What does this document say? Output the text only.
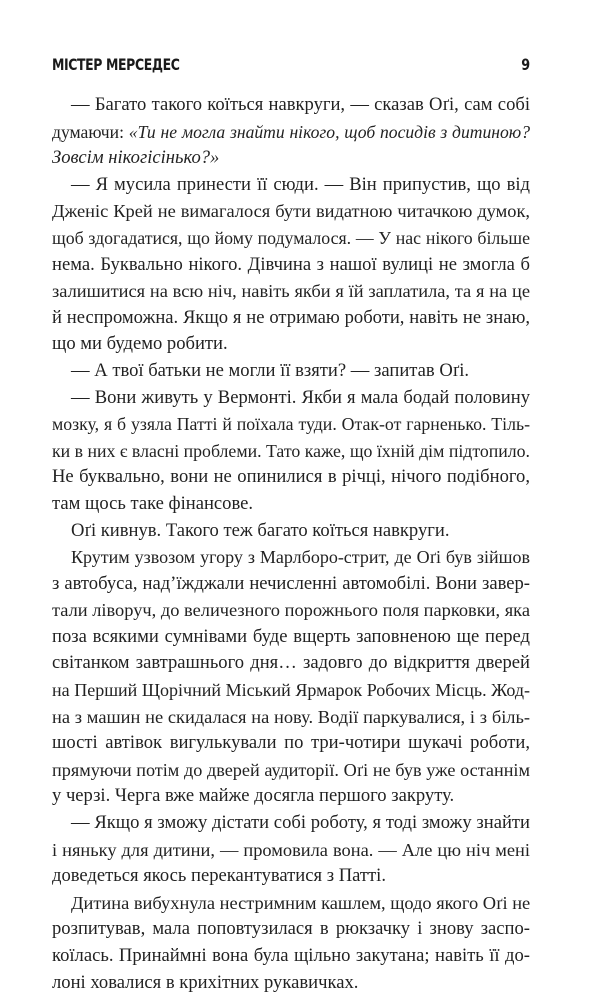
МІСТЕР МЕРСЕДЕС	9
— Багато такого коїться навкруги, — сказав Оґі, сам собі
думаючи: «Ти не могла знайти нікого, щоб посидів з дитиною?
Зовсім нікогісінько?»
— Я мусила принести її сюди. — Він припустив, що від
Дженіс Крей не вимагалося бути видатною читачкою думок,
щоб здогадатися, що йому подумалося. — У нас нікого більше
нема. Буквально нікого. Дівчина з нашої вулиці не змогла б
залишитися на всю ніч, навіть якби я їй заплатила, та я на це
й неспроможна. Якщо я не отримаю роботи, навіть не знаю,
що ми будемо робити.
— А твої батьки не могли її взяти? — запитав Оґі.
— Вони живуть у Вермонті. Якби я мала бодай половину
мозку, я б узяла Патті й поїхала туди. Отак-от гарненько. Тіль-
ки в них є власні проблеми. Тато каже, що їхній дім підтопило.
Не буквально, вони не опинилися в річці, нічого подібного,
там щось таке фінансове.
Оґі кивнув. Такого теж багато коїться навкруги.
Крутим узвозом угору з Марлборо-стрит, де Оґі був зійшов
з автобуса, над’їжджали нечисленні автомобілі. Вони завер-
тали ліворуч, до величезного порожнього поля парковки, яка
поза всякими сумнівами буде вщерть заповненою ще перед
світанком завтрашнього дня… задовго до відкриття дверей
на Перший Щорічний Міський Ярмарок Робочих Місць. Жод-
на з машин не скидалася на нову. Водії паркувалися, і з біль-
шості автівок вигулькували по три-чотири шукачі роботи,
прямуючи потім до дверей аудиторії. Оґі не був уже останнім
у черзі. Черга вже майже досягла першого закруту.
— Якщо я зможу дістати собі роботу, я тоді зможу знайти
і няньку для дитини, — промовила вона. — Але цю ніч мені
доведеться якось перекантуватися з Патті.
Дитина вибухнула нестримним кашлем, щодо якого Оґі не
розпитував, мала поповтузилася в рюкзачку і знову заспо-
коїлась. Принаймні вона була щільно закутана; навіть її до-
лоні ховалися в крихітних рукавичках.
